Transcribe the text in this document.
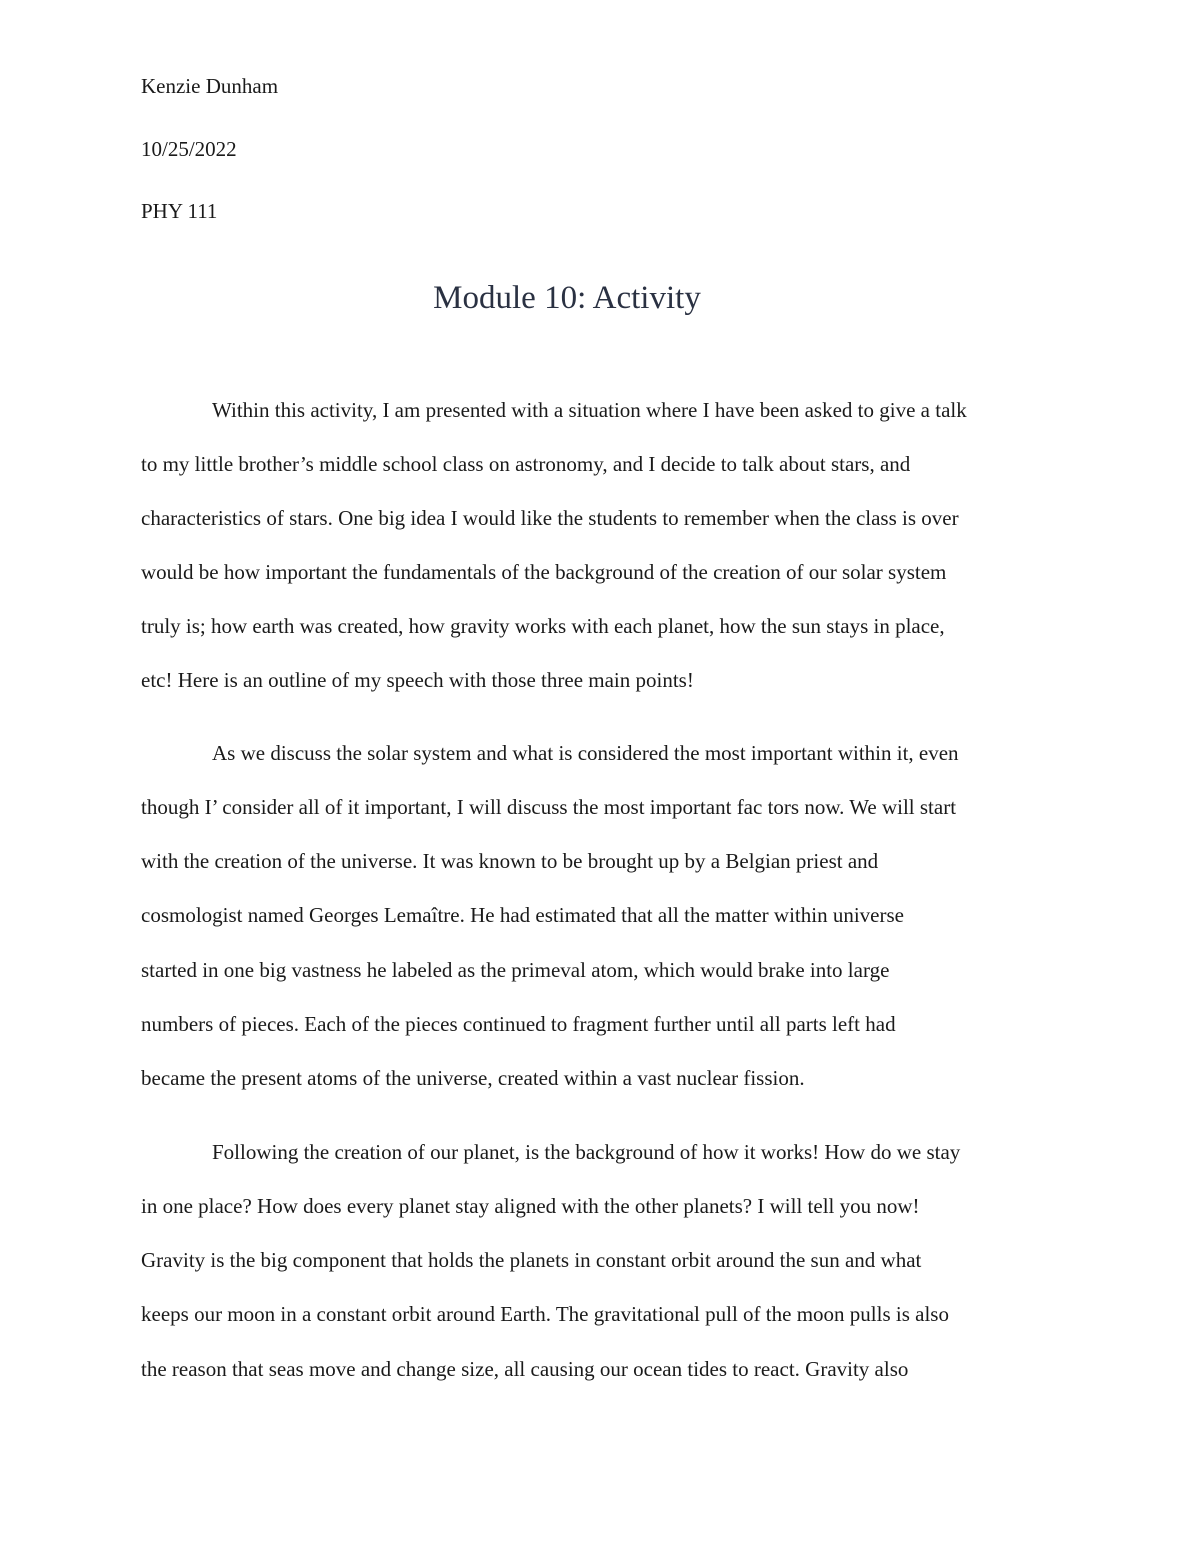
Kenzie Dunham
10/25/2022
PHY 111
Module 10: Activity
Within this activity, I am presented with a situation where I have been asked to give a talk
to my little brother’s middle school class on astronomy, and I decide to talk about stars, and
characteristics of stars. One big idea I would like the students to remember when the class is over
would be how important the fundamentals of the background of the creation of our solar system
truly is; how earth was created, how gravity works with each planet, how the sun stays in place,
etc! Here is an outline of my speech with those three main points!
As we discuss the solar system and what is considered the most important within it, even
though I’ consider all of it important, I will discuss the most important fac tors now. We will start
with the creation of the universe. It was known to be brought up by a Belgian priest and
cosmologist named Georges Lemaître. He had estimated that all the matter within universe
started in one big vastness he labeled as the primeval atom, which would brake into large
numbers of pieces. Each of the pieces continued to fragment further until all parts left had
became the present atoms of the universe, created within a vast nuclear fission.
Following the creation of our planet, is the background of how it works! How do we stay
in one place? How does every planet stay aligned with the other planets? I will tell you now!
Gravity is the big component that holds the planets in constant orbit around the sun and what
keeps our moon in a constant orbit around Earth. The gravitational pull of the moon pulls is also
the reason that seas move and change size, all causing our ocean tides to react. Gravity also
